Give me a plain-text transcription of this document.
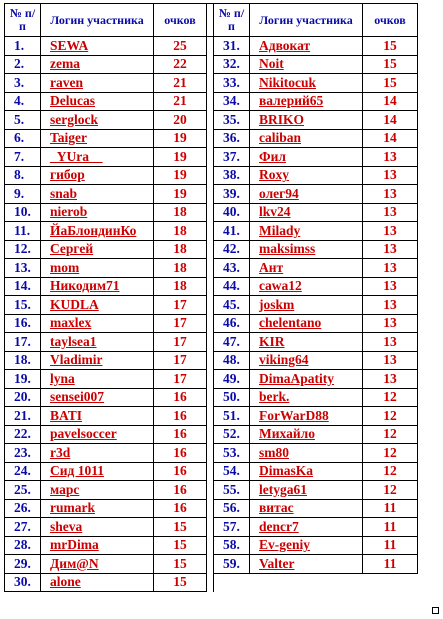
№ п/п	Логин участника	очков		№ п/п	Логин участника	очков
1.	SEWA	25		31.	Адвокат	15
2.	zema	22		32.	Noit	15
3.	raven	21		33.	Nikitocuk	15
4.	Delucas	21		34.	валерий65	14
5.	serglock	20		35.	BRIKO	14
6.	Taiger	19		36.	caliban	14
7.	_YUra__	19		37.	Фил	13
8.	гибор	19		38.	Roxy	13
9.	snab	19		39.	олег94	13
10.	nierob	18		40.	lkv24	13
11.	ЙаБлондинКо	18		41.	Milady	13
12.	Сергей	18		42.	maksimss	13
13.	mom	18		43.	Ант	13
14.	Никодим71	18		44.	cawa12	13
15.	KUDLA	17		45.	joskm	13
16.	maxlex	17		46.	chelentano	13
17.	taylsea1	17		47.	KIR	13
18.	Vladimir	17		48.	viking64	13
19.	lyna	17		49.	DimaApatity	13
20.	sensei007	16		50.	berk.	12
21.	BATI	16		51.	ForWarD88	12
22.	pavelsoccer	16		52.	Михайло	12
23.	r3d	16		53.	sm80	12
24.	Сид 1011	16		54.	DimasKa	12
25.	марс	16		55.	letyga61	12
26.	rumark	16		56.	витас	11
27.	sheva	15		57.	dencr7	11
28.	mrDima	15		58.	Ev-geniy	11
29.	Дим@N	15		59.	Valter	11
30.	alone	15				
